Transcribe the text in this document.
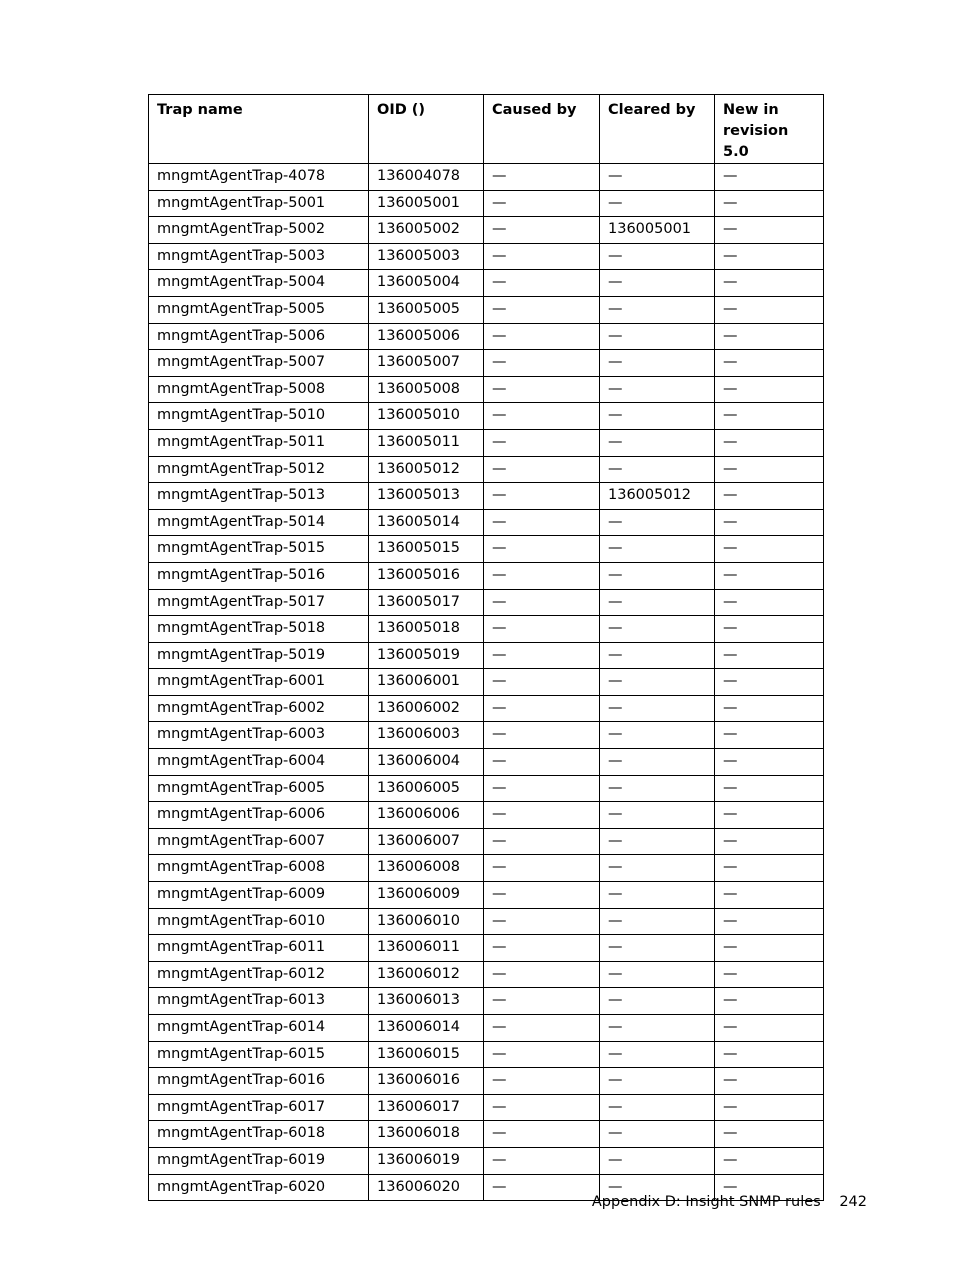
Trap name	OID ()	Caused by	Cleared by	New in revision 5.0
mngmtAgentTrap-4078	136004078	—	—	—
mngmtAgentTrap-5001	136005001	—	—	—
mngmtAgentTrap-5002	136005002	—	136005001	—
mngmtAgentTrap-5003	136005003	—	—	—
mngmtAgentTrap-5004	136005004	—	—	—
mngmtAgentTrap-5005	136005005	—	—	—
mngmtAgentTrap-5006	136005006	—	—	—
mngmtAgentTrap-5007	136005007	—	—	—
mngmtAgentTrap-5008	136005008	—	—	—
mngmtAgentTrap-5010	136005010	—	—	—
mngmtAgentTrap-5011	136005011	—	—	—
mngmtAgentTrap-5012	136005012	—	—	—
mngmtAgentTrap-5013	136005013	—	136005012	—
mngmtAgentTrap-5014	136005014	—	—	—
mngmtAgentTrap-5015	136005015	—	—	—
mngmtAgentTrap-5016	136005016	—	—	—
mngmtAgentTrap-5017	136005017	—	—	—
mngmtAgentTrap-5018	136005018	—	—	—
mngmtAgentTrap-5019	136005019	—	—	—
mngmtAgentTrap-6001	136006001	—	—	—
mngmtAgentTrap-6002	136006002	—	—	—
mngmtAgentTrap-6003	136006003	—	—	—
mngmtAgentTrap-6004	136006004	—	—	—
mngmtAgentTrap-6005	136006005	—	—	—
mngmtAgentTrap-6006	136006006	—	—	—
mngmtAgentTrap-6007	136006007	—	—	—
mngmtAgentTrap-6008	136006008	—	—	—
mngmtAgentTrap-6009	136006009	—	—	—
mngmtAgentTrap-6010	136006010	—	—	—
mngmtAgentTrap-6011	136006011	—	—	—
mngmtAgentTrap-6012	136006012	—	—	—
mngmtAgentTrap-6013	136006013	—	—	—
mngmtAgentTrap-6014	136006014	—	—	—
mngmtAgentTrap-6015	136006015	—	—	—
mngmtAgentTrap-6016	136006016	—	—	—
mngmtAgentTrap-6017	136006017	—	—	—
mngmtAgentTrap-6018	136006018	—	—	—
mngmtAgentTrap-6019	136006019	—	—	—
mngmtAgentTrap-6020	136006020	—	—	—
Appendix D: Insight SNMP rules 242
